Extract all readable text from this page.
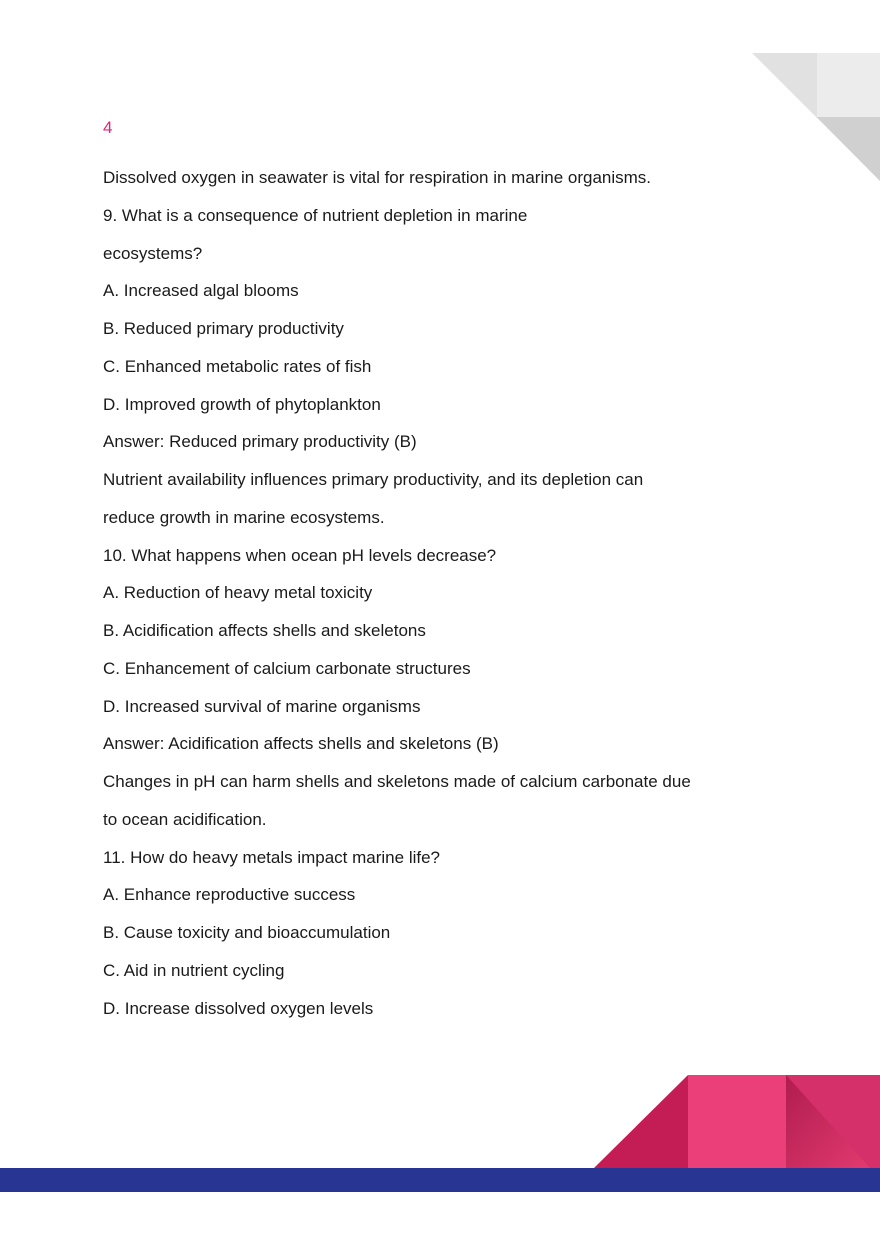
4
Dissolved oxygen in seawater is vital for respiration in marine organisms.
9. What is a consequence of nutrient depletion in marine
ecosystems?
A. Increased algal blooms
B. Reduced primary productivity
C. Enhanced metabolic rates of fish
D. Improved growth of phytoplankton
Answer: Reduced primary productivity (B)
Nutrient availability influences primary productivity, and its depletion can
reduce growth in marine ecosystems.
10. What happens when ocean pH levels decrease?
A. Reduction of heavy metal toxicity
B. Acidification affects shells and skeletons
C. Enhancement of calcium carbonate structures
D. Increased survival of marine organisms
Answer: Acidification affects shells and skeletons (B)
Changes in pH can harm shells and skeletons made of calcium carbonate due
to ocean acidification.
11. How do heavy metals impact marine life?
A. Enhance reproductive success
B. Cause toxicity and bioaccumulation
C. Aid in nutrient cycling
D. Increase dissolved oxygen levels
